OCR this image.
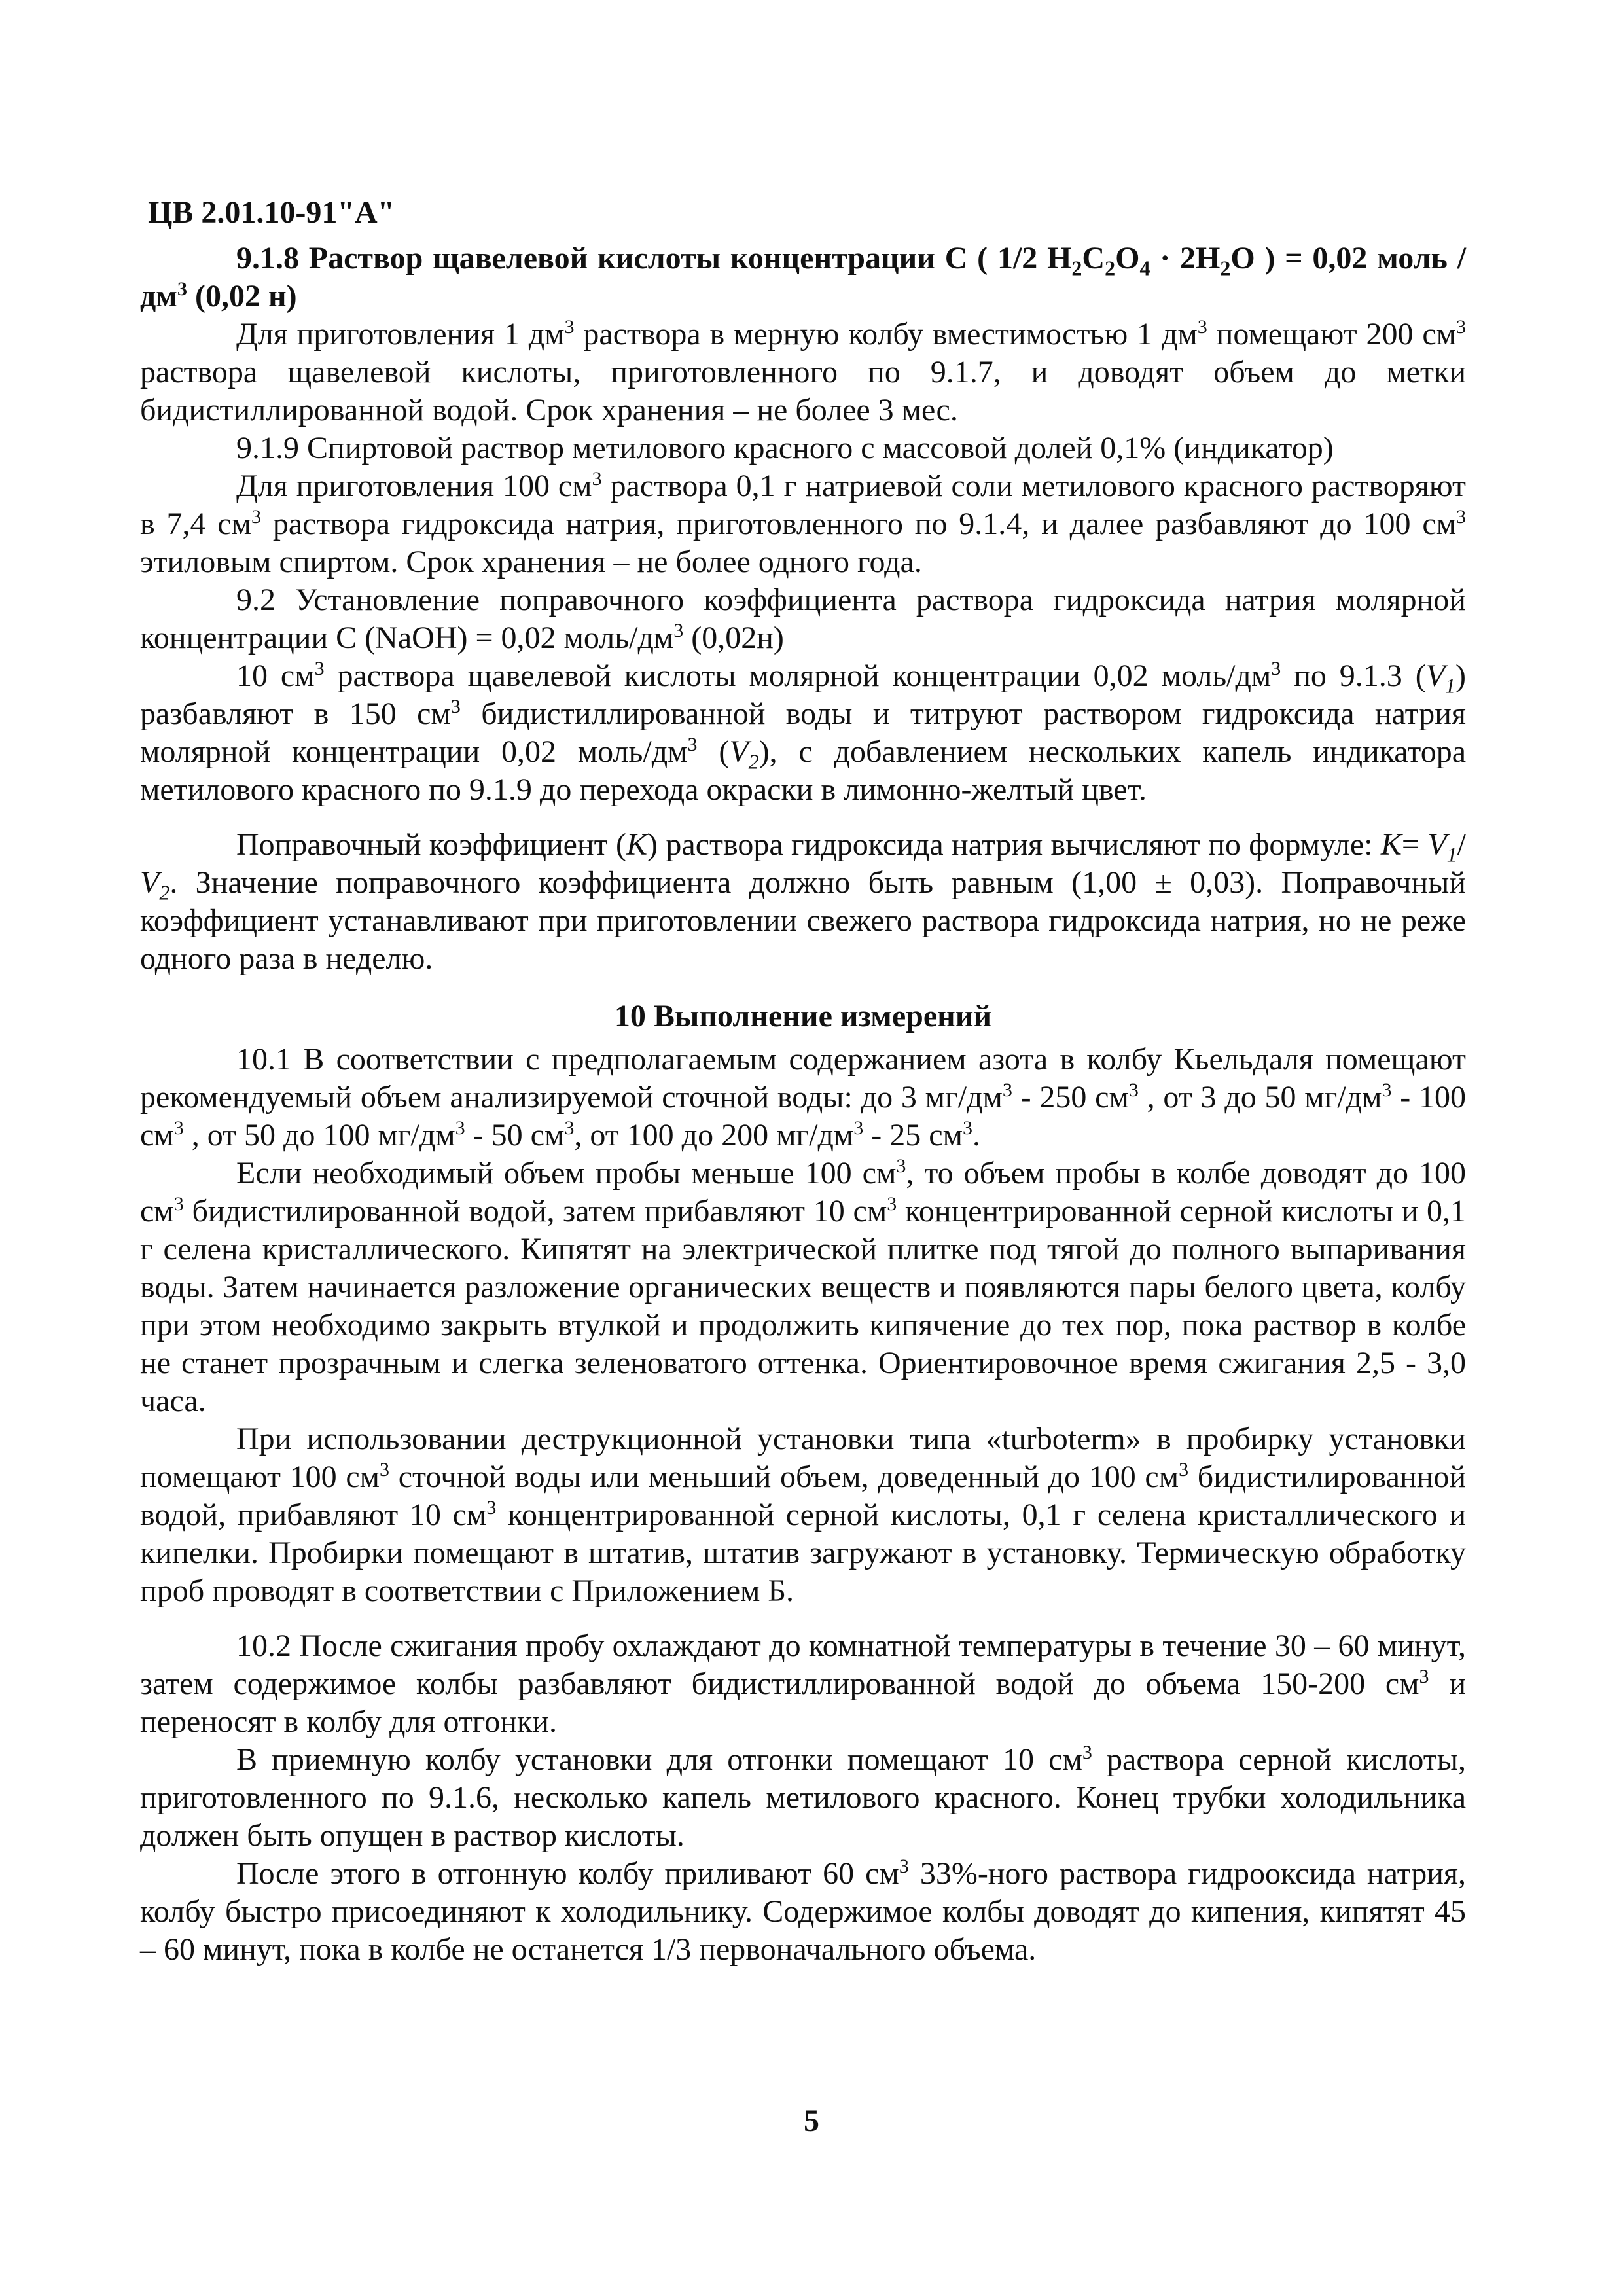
ЦВ 2.01.10-91"А"

9.1.8 Раствор щавелевой кислоты концентрации С ( 1/2 $H_2C_2O_4 \cdot 2H_2O$ ) = 0,02 моль / $дм^3$ (0,02 н)

Для приготовления 1 $дм^3$ раствора в мерную колбу вместимостью 1 $дм^3$ помещают 200 $см^3$ раствора щавелевой кислоты, приготовленного по 9.1.7, и доводят объем до метки бидистиллированной водой. Срок хранения – не более 3 мес.

9.1.9 Спиртовой раствор метилового красного с массовой долей 0,1% (индикатор)

Для приготовления 100 $см^3$ раствора 0,1 г натриевой соли метилового красного растворяют в 7,4 $см^3$ раствора гидроксида натрия, приготовленного по 9.1.4, и далее разбавляют до 100 $см^3$ этиловым спиртом. Срок хранения – не более одного года.

9.2 Установление поправочного коэффициента раствора гидроксида натрия молярной концентрации С (NaOH) = 0,02 моль/$дм^3$ (0,02н)

10 $см^3$ раствора щавелевой кислоты молярной концентрации 0,02 моль/$дм^3$ по 9.1.3 $(V_1)$ разбавляют в 150 $см^3$ бидистиллированной воды и титруют раствором гидроксида натрия молярной концентрации 0,02 моль/$дм^3$ $(V_2)$, с добавлением нескольких капель индикатора метилового красного по 9.1.9 до перехода окраски в лимонно-желтый цвет.

Поправочный коэффициент (K) раствора гидроксида натрия вычисляют по формуле: $K= V_1/$ $V_2$. Значение поправочного коэффициента должно быть равным (1,00 ± 0,03). Поправочный коэффициент устанавливают при приготовлении свежего раствора гидроксида натрия, но не реже одного раза в неделю.

10 Выполнение измерений

10.1 В соответствии с предполагаемым содержанием азота в колбу Кьельдаля помещают рекомендуемый объем анализируемой сточной воды: до 3 $мг/дм^3 - 250$ $см^3$ , от 3 до 50 $мг/дм^3 - 100$ $см^3$ , от 50 до 100 $мг/дм^3 - 50$ $см^3$, от 100 до 200 $мг/дм^3 - 25$ $см^3$.

Если необходимый объем пробы меньше 100 $см^3$, то объем пробы в колбе доводят до 100 $см^3$ бидистилированной водой, затем прибавляют 10 $см^3$ концентрированной серной кислоты и 0,1 г селена кристаллического. Кипятят на электрической плитке под тягой до полного выпаривания воды. Затем начинается разложение органических веществ и появляются пары белого цвета, колбу при этом необходимо закрыть втулкой и продолжить кипячение до тех пор, пока раствор в колбе не станет прозрачным и слегка зеленоватого оттенка. Ориентировочное время сжигания 2,5 - 3,0 часа.

При использовании деструкционной установки типа «turboterm» в пробирку установки помещают 100 $см^3$ сточной воды или меньший объем, доведенный до 100 $см^3$ бидистилированной водой, прибавляют 10 $см^3$ концентрированной серной кислоты, 0,1 г селена кристаллического и кипелки. Пробирки помещают в штатив, штатив загружают в установку. Термическую обработку проб проводят в соответствии с Приложением Б.

10.2 После сжигания пробу охлаждают до комнатной температуры в течение 30 – 60 минут, затем содержимое колбы разбавляют бидистиллированной водой до объема 150-200 $см^3$ и переносят в колбу для отгонки.

В приемную колбу установки для отгонки помещают 10 $см^3$ раствора серной кислоты, приготовленного по 9.1.6, несколько капель метилового красного. Конец трубки холодильника должен быть опущен в раствор кислоты.

После этого в отгонную колбу приливают 60 $см^3$ 33%-ного раствора гидрооксида натрия, колбу быстро присоединяют к холодильнику. Содержимое колбы доводят до кипения, кипятят 45 – 60 минут, пока в колбе не останется 1/3 первоначального объема.

5
